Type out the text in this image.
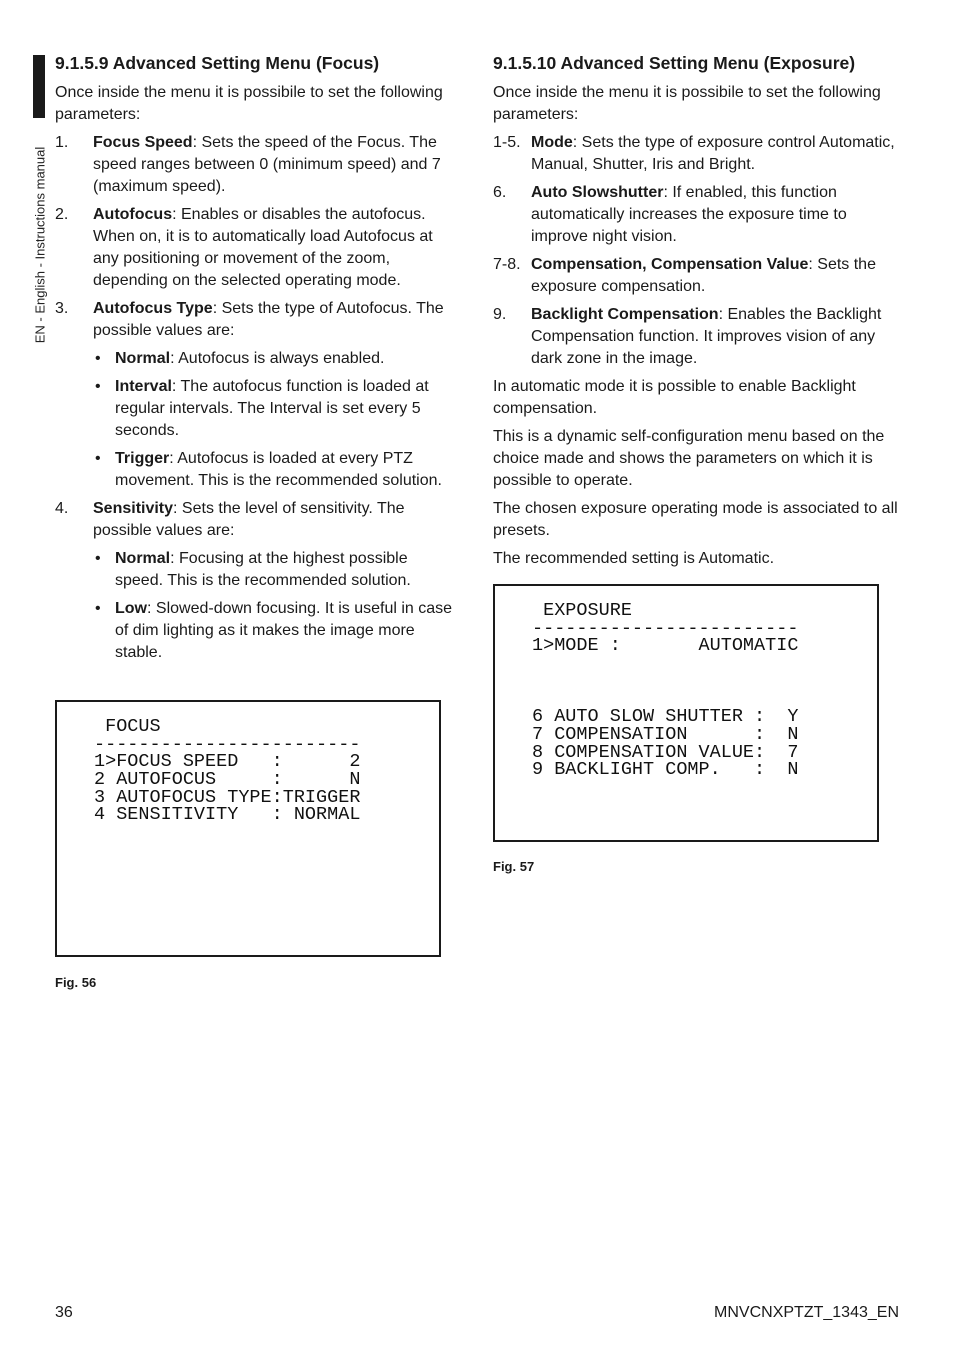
EN - English - Instructions manual
9.1.5.9 Advanced Setting Menu (Focus)

Once inside the menu it is possibile to set the following parameters:

1.	Focus Speed: Sets the speed of the Focus. The speed ranges between 0 (minimum speed) and 7 (maximum speed).
2.	Autofocus: Enables or disables the autofocus. When on, it is to automatically load Autofocus at any positioning or movement of the zoom, depending on the selected operating mode.
3.	Autofocus Type: Sets the type of Autofocus. The possible values are:
• Normal: Autofocus is always enabled.
• Interval: The autofocus function is loaded at regular intervals. The Interval is set every 5 seconds.
• Trigger: Autofocus is loaded at every PTZ movement. This is the recommended solution.
4.	Sensitivity: Sets the level of sensitivity. The possible values are:
• Normal: Focusing at the highest possible speed. This is the recommended solution.
• Low: Slowed-down focusing. It is useful in case of dim lighting as it makes the image more stable.
FOCUS
------------------------
1>FOCUS SPEED   :      2
2 AUTOFOCUS     :      N
3 AUTOFOCUS TYPE:TRIGGER
4 SENSITIVITY   : NORMAL
Fig. 56
9.1.5.10 Advanced Setting Menu (Exposure)

Once inside the menu it is possibile to set the following parameters:

1-5. Mode: Sets the type of exposure control Automatic, Manual, Shutter, Iris and Bright.
6.	Auto Slowshutter: If enabled, this function automatically increases the exposure time to improve night vision.
7-8. Compensation, Compensation Value: Sets the exposure compensation.
9.	Backlight Compensation: Enables the Backlight Compensation function. It improves vision of any dark zone in the image.

In automatic mode it is possible to enable Backlight compensation.

This is a dynamic self-configuration menu based on the choice made and shows the parameters on which it is possible to operate.

The chosen exposure operating mode is associated to all presets.

The recommended setting is Automatic.

EXPOSURE
------------------------
1>MODE :       AUTOMATIC
6 AUTO SLOW SHUTTER :  Y
7 COMPENSATION      :  N
8 COMPENSATION VALUE:  7
9 BACKLIGHT COMP.   :  N
Fig. 57
36	MNVCNXPTZT_1343_EN
